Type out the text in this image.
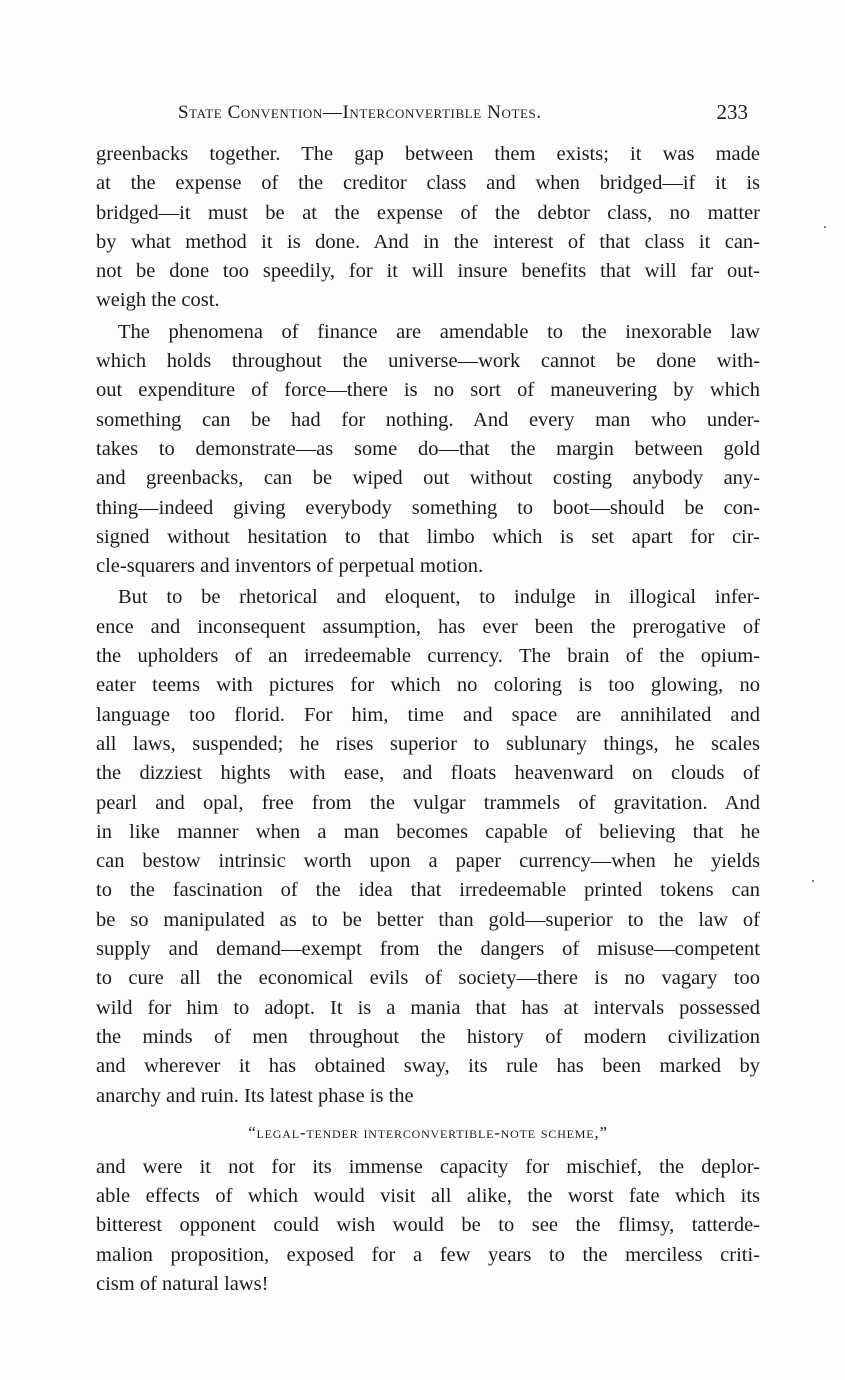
State Convention—Interconvertible Notes.	233
greenbacks together. The gap between them exists; it was made
at the expense of the creditor class and when bridged—if it is
bridged—it must be at the expense of the debtor class, no matter
by what method it is done. And in the interest of that class it can-
not be done too speedily, for it will insure benefits that will far out-
weigh the cost.
The phenomena of finance are amendable to the inexorable law
which holds throughout the universe—work cannot be done with-
out expenditure of force—there is no sort of maneuvering by which
something can be had for nothing. And every man who under-
takes to demonstrate—as some do—that the margin between gold
and greenbacks, can be wiped out without costing anybody any-
thing—indeed giving everybody something to boot—should be con-
signed without hesitation to that limbo which is set apart for cir-
cle-squarers and inventors of perpetual motion.
But to be rhetorical and eloquent, to indulge in illogical infer-
ence and inconsequent assumption, has ever been the prerogative of
the upholders of an irredeemable currency. The brain of the opium-
eater teems with pictures for which no coloring is too glowing, no
language too florid. For him, time and space are annihilated and
all laws, suspended; he rises superior to sublunary things, he scales
the dizziest hights with ease, and floats heavenward on clouds of
pearl and opal, free from the vulgar trammels of gravitation. And
in like manner when a man becomes capable of believing that he
can bestow intrinsic worth upon a paper currency—when he yields
to the fascination of the idea that irredeemable printed tokens can
be so manipulated as to be better than gold—superior to the law of
supply and demand—exempt from the dangers of misuse—competent
to cure all the economical evils of society—there is no vagary too
wild for him to adopt. It is a mania that has at intervals possessed
the minds of men throughout the history of modern civilization
and wherever it has obtained sway, its rule has been marked by
anarchy and ruin. Its latest phase is the
“legal-tender interconvertible-note scheme,”
and were it not for its immense capacity for mischief, the deplor-
able effects of which would visit all alike, the worst fate which its
bitterest opponent could wish would be to see the flimsy, tatterde-
malion proposition, exposed for a few years to the merciless criti-
cism of natural laws!
